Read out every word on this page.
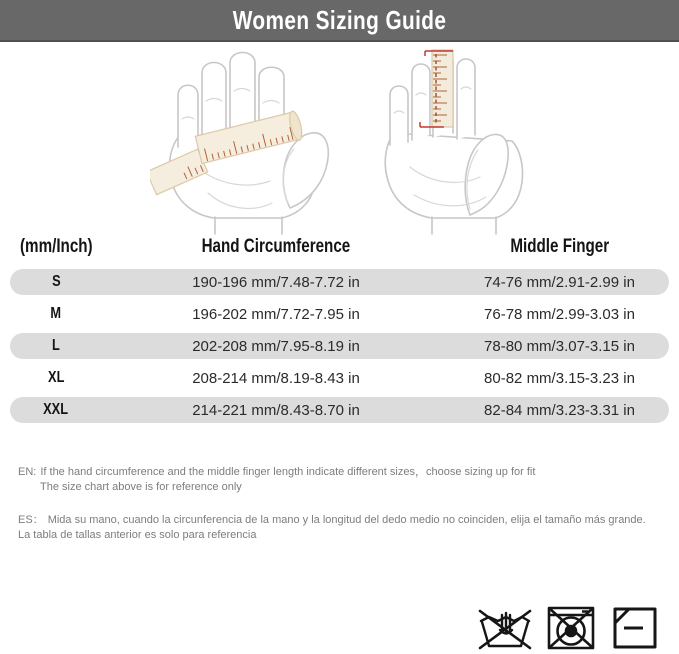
Women Sizing Guide
(mm/Inch)	Hand Circumference	Middle Finger
S	190-196 mm/7.48-7.72 in	74-76 mm/2.91-2.99 in
M	196-202 mm/7.72-7.95 in	76-78 mm/2.99-3.03 in
L	202-208 mm/7.95-8.19 in	78-80 mm/3.07-3.15 in
XL	208-214 mm/8.19-8.43 in	80-82 mm/3.15-3.23 in
XXL	214-221 mm/8.43-8.70 in	82-84 mm/3.23-3.31 in
EN: If the hand circumference and the middle finger length indicate different sizes，choose sizing up for fit
The size chart above is for reference only
ES： Mida su mano, cuando la circunferencia de la mano y la longitud del dedo medio no coinciden, elija el tamaño más grande.
La tabla de tallas anterior es solo para referencia
